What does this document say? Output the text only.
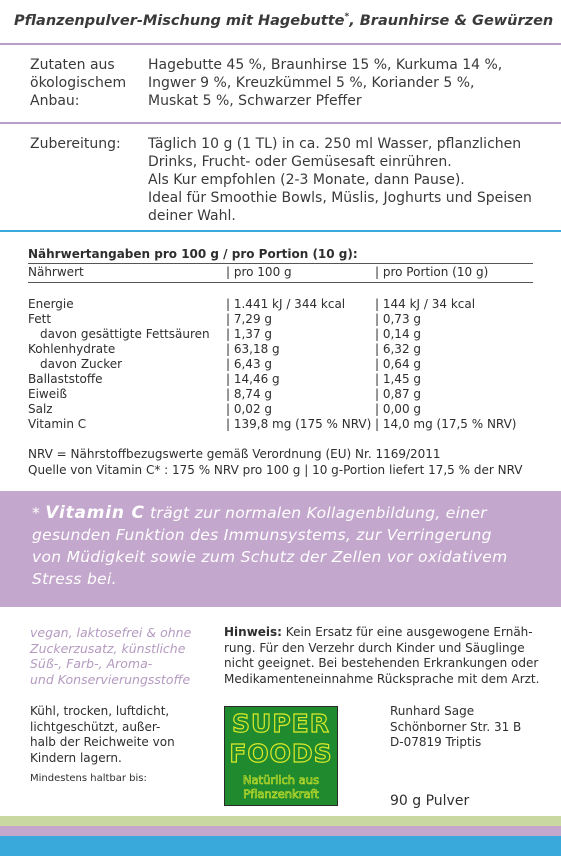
Pflanzenpulver-Mischung mit Hagebutte*, Braunhirse & Gewürzen
Zutaten aus
ökologischem
Anbau:
Hagebutte 45 %, Braunhirse 15 %, Kurkuma 14 %,
Ingwer 9 %, Kreuzkümmel 5 %, Koriander 5 %,
Muskat 5 %, Schwarzer Pfeffer
Zubereitung: Täglich 10 g (1 TL) in ca. 250 ml Wasser, pflanzlichen
Drinks, Frucht- oder Gemüsesaft einrühren.
Als Kur empfohlen (2-3 Monate, dann Pause).
Ideal für Smoothie Bowls, Müslis, Joghurts und Speisen
deiner Wahl.
Nährwertangaben pro 100 g / pro Portion (10 g):
Nährwert	| pro 100 g	| pro Portion (10 g)
Energie	| 1.441 kJ / 344 kcal | 144 kJ / 34 kcal
Fett	| 7,29 g	| 0,73 g
davon gesättigte Fettsäuren | 1,37 g	| 0,14 g
Kohlenhydrate	| 63,18 g	| 6,32 g
davon Zucker	| 6,43 g	| 0,64 g
Ballaststoffe	| 14,46 g	| 1,45 g
Eiweiß	| 8,74 g	| 0,87 g
Salz	| 0,02 g	| 0,00 g
Vitamin C	| 139,8 mg (175 % NRV) | 14,0 mg (17,5 % NRV)
NRV = Nährstoffbezugswerte gemäß Verordnung (EU) Nr. 1169/2011
Quelle von Vitamin C* : 175 % NRV pro 100 g | 10 g-Portion liefert 17,5 % der NRV
* Vitamin C trägt zur normalen Kollagenbildung, einer
gesunden Funktion des Immunsystems, zur Verringerung
von Müdigkeit sowie zum Schutz der Zellen vor oxidativem
Stress bei.
vegan, laktosefrei & ohne
Zuckerzusatz, künstliche
Süß-, Farb-, Aroma-
und Konservierungsstoffe
Hinweis: Kein Ersatz für eine ausgewogene Ernäh-
rung. Für den Verzehr durch Kinder und Säuglinge
nicht geeignet. Bei bestehenden Erkrankungen oder
Medikamenteneinnahme Rücksprache mit dem Arzt.
Kühl, trocken, luftdicht,
lichtgeschützt, außer-
halb der Reichweite von
Kindern lagern.
Mindestens haltbar bis:
SUPER
FOODS
Natürlich aus
Pflanzenkraft
Runhard Sage
Schönborner Str. 31 B
D-07819 Triptis
90 g Pulver
